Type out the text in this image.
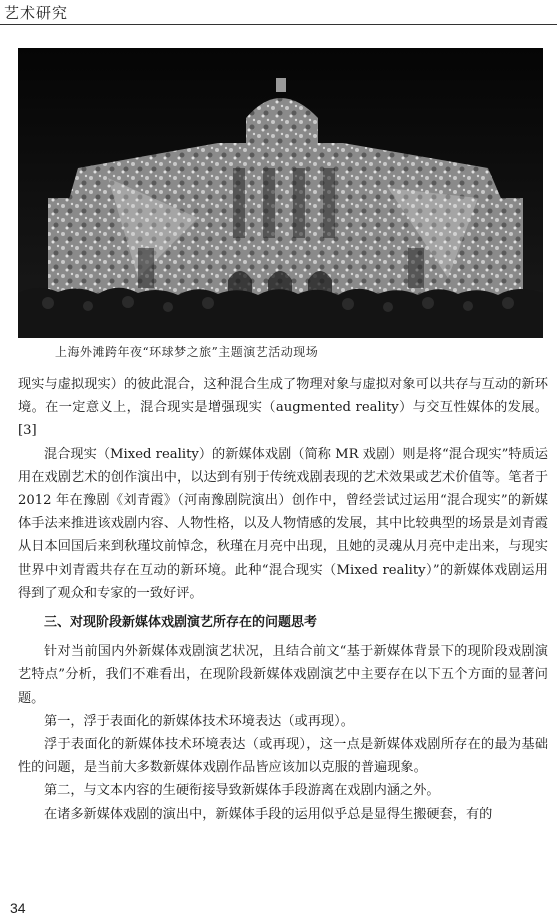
艺术研究
上海外滩跨年夜“环球梦之旅”主题演艺活动现场

现实与虚拟现实）的彼此混合，这种混合生成了物理对象与虚拟对象可以共存与互动的新环境。在一定意义上，混合现实是增强现实（augmented reality）与交互性媒体的发展。[3]

混合现实（Mixed reality）的新媒体戏剧（简称 MR 戏剧）则是将“混合现实”特质运用在戏剧艺术的创作演出中，以达到有别于传统戏剧表现的艺术效果或艺术价值等。笔者于 2012 年在豫剧《刘青霞》（河南豫剧院演出）创作中，曾经尝试过运用“混合现实”的新媒体手法来推进该戏剧内容、人物性格，以及人物情感的发展，其中比较典型的场景是刘青霞从日本回国后来到秋瑾坟前悼念，秋瑾在月亮中出现，且她的灵魂从月亮中走出来，与现实世界中刘青霞共存在互动的新环境。此种“混合现实（Mixed reality）”的新媒体戏剧运用得到了观众和专家的一致好评。

三、对现阶段新媒体戏剧演艺所存在的问题思考

针对当前国内外新媒体戏剧演艺状况，且结合前文“基于新媒体背景下的现阶段戏剧演艺特点”分析，我们不难看出，在现阶段新媒体戏剧演艺中主要存在以下五个方面的显著问题。

第一，浮于表面化的新媒体技术环境表达（或再现）。

浮于表面化的新媒体技术环境表达（或再现），这一点是新媒体戏剧所存在的最为基础性的问题，是当前大多数新媒体戏剧作品皆应该加以克服的普遍现象。

第二，与文本内容的生硬衔接导致新媒体手段游离在戏剧内涵之外。

在诸多新媒体戏剧的演出中，新媒体手段的运用似乎总是显得生搬硬套，有的

34
